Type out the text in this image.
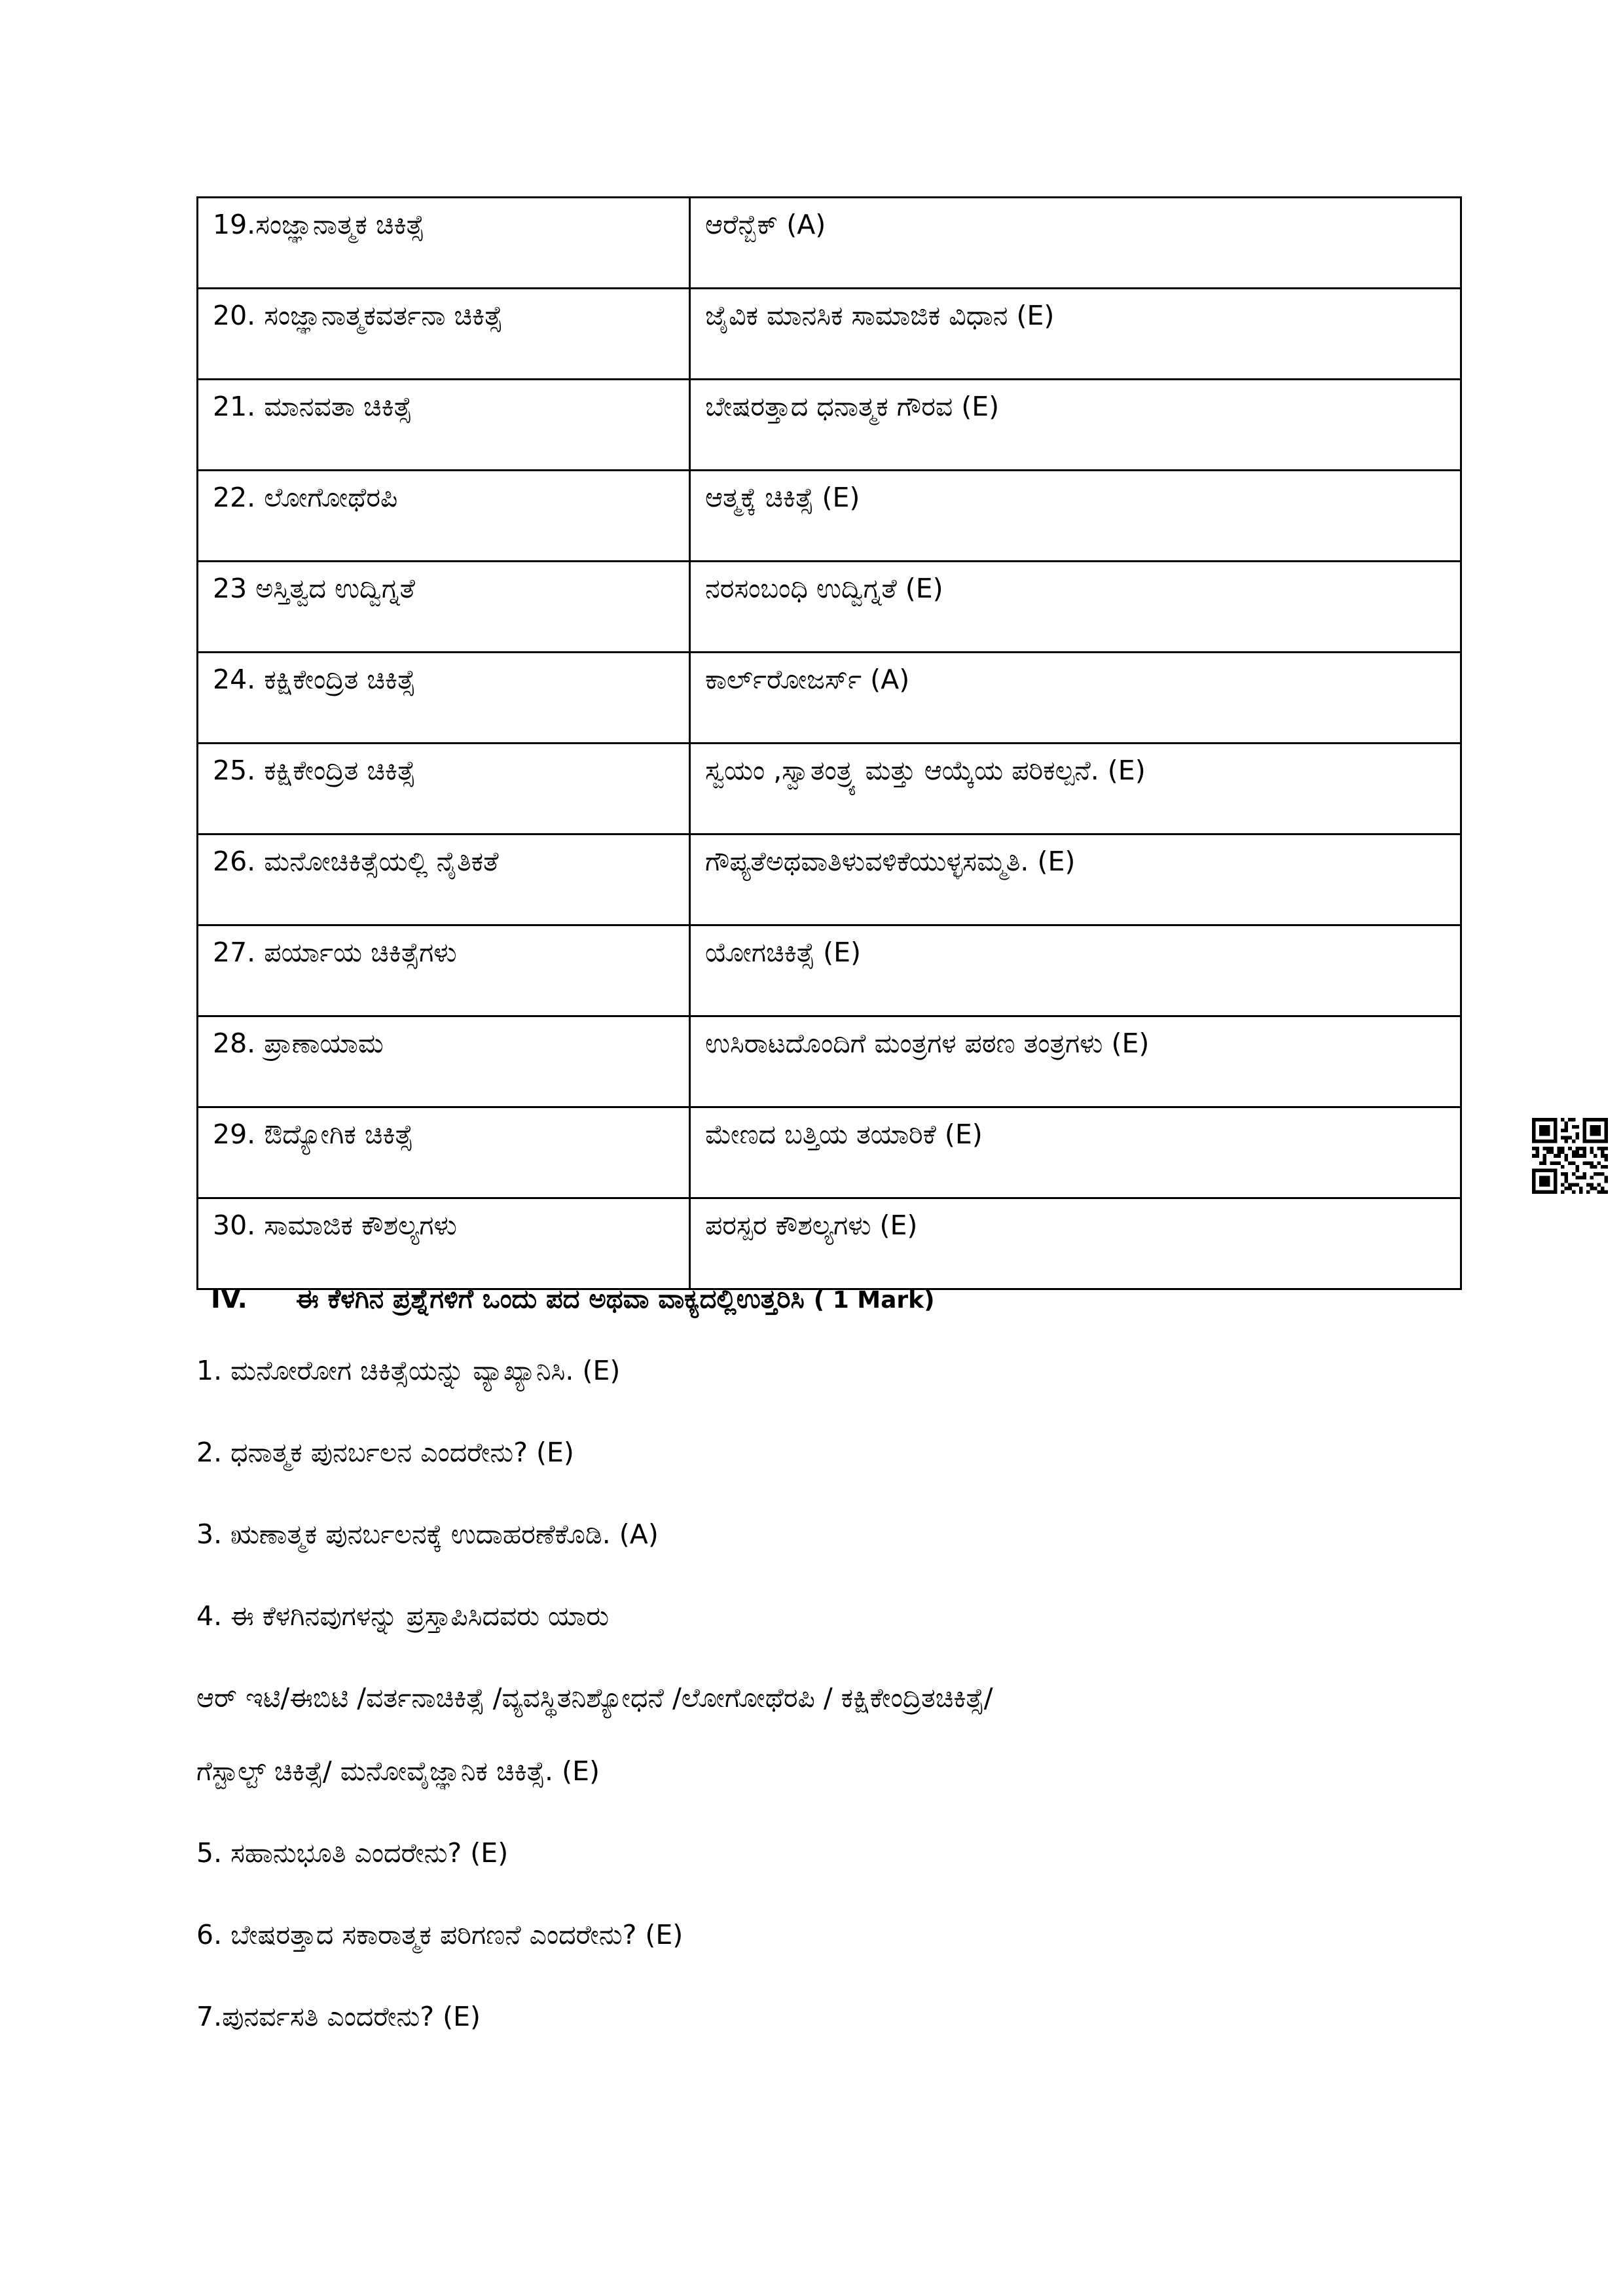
19.ಸಂಜ್ಞಾನಾತ್ಮಕ ಚಿಕಿತ್ಸೆ	ಆರೆನ್ಬೆಕ್ (A)
20. ಸಂಜ್ಞಾನಾತ್ಮಕವರ್ತನಾ ಚಿಕಿತ್ಸೆ	ಜೈವಿಕ ಮಾನಸಿಕ ಸಾಮಾಜಿಕ ವಿಧಾನ (E)
21. ಮಾನವತಾ ಚಿಕಿತ್ಸೆ	ಬೇಷರತ್ತಾದ ಧನಾತ್ಮಕ ಗೌರವ (E)
22. ಲೋಗೋಥೆರಪಿ	ಆತ್ಮಕ್ಕೆ ಚಿಕಿತ್ಸೆ (E)
23 ಅಸ್ತಿತ್ವದ ಉದ್ವಿಗ್ನತೆ	ನರಸಂಬಂಧಿ ಉದ್ವಿಗ್ನತೆ (E)
24. ಕಕ್ಷಿಕೇಂದ್ರಿತ ಚಿಕಿತ್ಸೆ	ಕಾರ್ಲ್‌ರೋಜರ್ಸ್ (A)
25. ಕಕ್ಷಿಕೇಂದ್ರಿತ ಚಿಕಿತ್ಸೆ	ಸ್ವಯಂ ,ಸ್ವಾತಂತ್ರ್ಯ ಮತ್ತು ಆಯ್ಕೆಯ ಪರಿಕಲ್ಪನೆ. (E)
26. ಮನೋಚಿಕಿತ್ಸೆಯಲ್ಲಿ ನೈತಿಕತೆ	ಗೌಪ್ಯತೆಅಥವಾತಿಳುವಳಿಕೆಯುಳ್ಳಸಮ್ಮತಿ. (E)
27. ಪರ್ಯಾಯ ಚಿಕಿತ್ಸೆಗಳು	ಯೋಗಚಿಕಿತ್ಸೆ (E)
28. ಪ್ರಾಣಾಯಾಮ	ಉಸಿರಾಟದೊಂದಿಗೆ ಮಂತ್ರಗಳ ಪಠಣ ತಂತ್ರಗಳು (E)
29. ಔದ್ಯೋಗಿಕ ಚಿಕಿತ್ಸೆ	ಮೇಣದ ಬತ್ತಿಯ ತಯಾರಿಕೆ (E)
30. ಸಾಮಾಜಿಕ ಕೌಶಲ್ಯಗಳು	ಪರಸ್ಪರ ಕೌಶಲ್ಯಗಳು (E)
IV. ಈ ಕೆಳಗಿನ ಪ್ರಶ್ನೆಗಳಿಗೆ ಒಂದು ಪದ ಅಥವಾ ವಾಕ್ಯದಲ್ಲಿಉತ್ತರಿಸಿ ( 1 Mark)
1. ಮನೋರೋಗ ಚಿಕಿತ್ಸೆಯನ್ನು ವ್ಯಾಖ್ಯಾನಿಸಿ. (E)
2. ಧನಾತ್ಮಕ ಪುನರ್ಬಲನ ಎಂದರೇನು? (E)
3. ಋಣಾತ್ಮಕ ಪುನರ್ಬಲನಕ್ಕೆ ಉದಾಹರಣೆಕೊಡಿ. (A)
4. ಈ ಕೆಳಗಿನವುಗಳನ್ನು ಪ್ರಸ್ತಾಪಿಸಿದವರು ಯಾರು
ಆರ್ ಇಟಿ/ಈಬಿಟಿ /ವರ್ತನಾಚಿಕಿತ್ಸೆ /ವ್ಯವಸ್ಥಿತನಿಶ್ಯೋಧನೆ /ಲೋಗೋಥೆರಪಿ / ಕಕ್ಷಿಕೇಂದ್ರಿತಚಿಕಿತ್ಸೆ/
ಗೆಸ್ಟಾಲ್ಟ್ ಚಿಕಿತ್ಸೆ/ ಮನೋವೈಜ್ಞಾನಿಕ ಚಿಕಿತ್ಸೆ. (E)
5. ಸಹಾನುಭೂತಿ ಎಂದರೇನು? (E)
6. ಬೇಷರತ್ತಾದ ಸಕಾರಾತ್ಮಕ ಪರಿಗಣನೆ ಎಂದರೇನು? (E)
7.ಪುನರ್ವಸತಿ ಎಂದರೇನು? (E)
